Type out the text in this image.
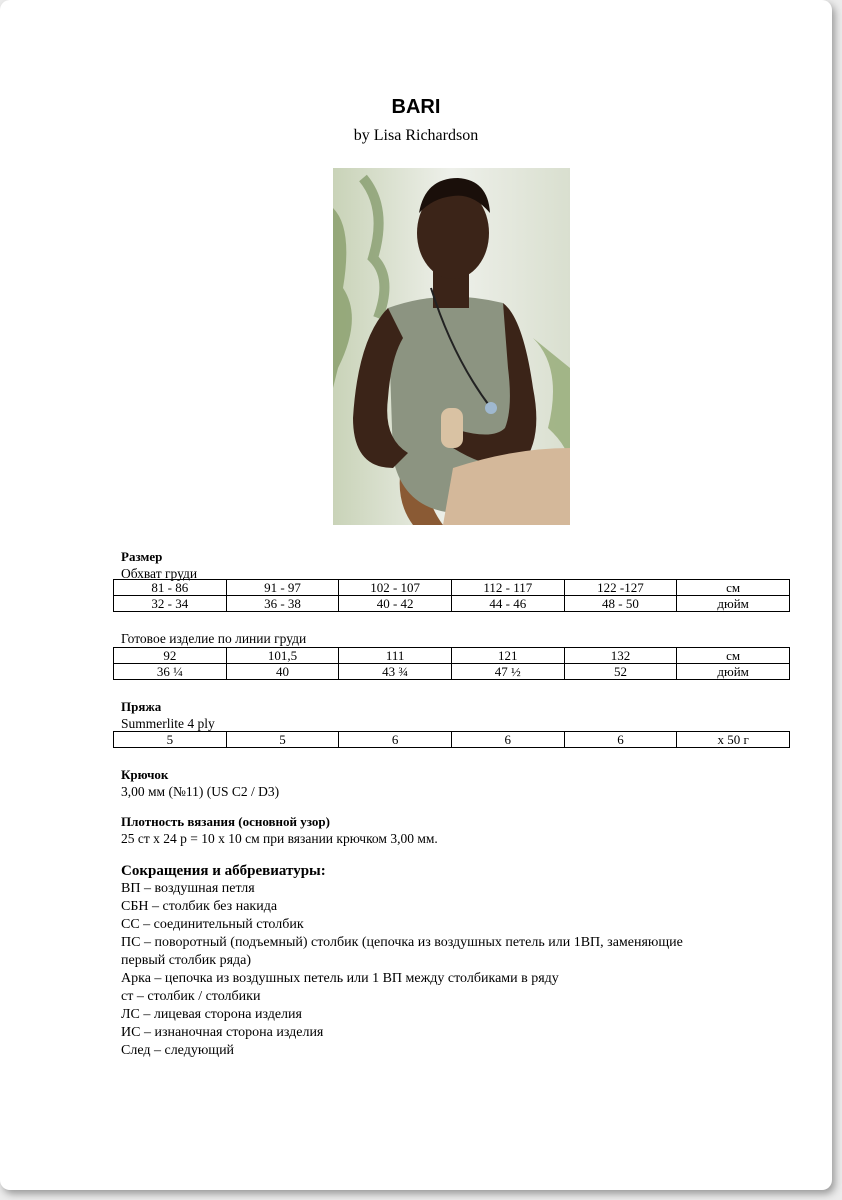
BARI
by Lisa Richardson
Размер
Обхват груди
81 - 86	91 - 97	102 - 107	112 - 117	122 -127	см
32 - 34	36 - 38	40 - 42	44 - 46	48 - 50	дюйм
Готовое изделие по линии груди
92	101,5	111	121	132	см
36 ¼	40	43 ¾	47 ½	52	дюйм
Пряжа
Summerlite 4 ply
5	5	6	6	6	x 50 г
Крючок
3,00 мм (№11) (US C2 / D3)
Плотность вязания (основной узор)
25 ст х 24 р = 10 х 10 см при вязании крючком 3,00 мм.
Сокращения и аббревиатуры:
ВП – воздушная петля
СБН – столбик без накида
СС – соединительный столбик
ПС – поворотный (подъемный) столбик (цепочка из воздушных петель или 1ВП, заменяющие
первый столбик ряда)
Арка – цепочка из воздушных петель или 1 ВП между столбиками в ряду
ст – столбик / столбики
ЛС – лицевая сторона изделия
ИС – изнаночная сторона изделия
След – следующий
